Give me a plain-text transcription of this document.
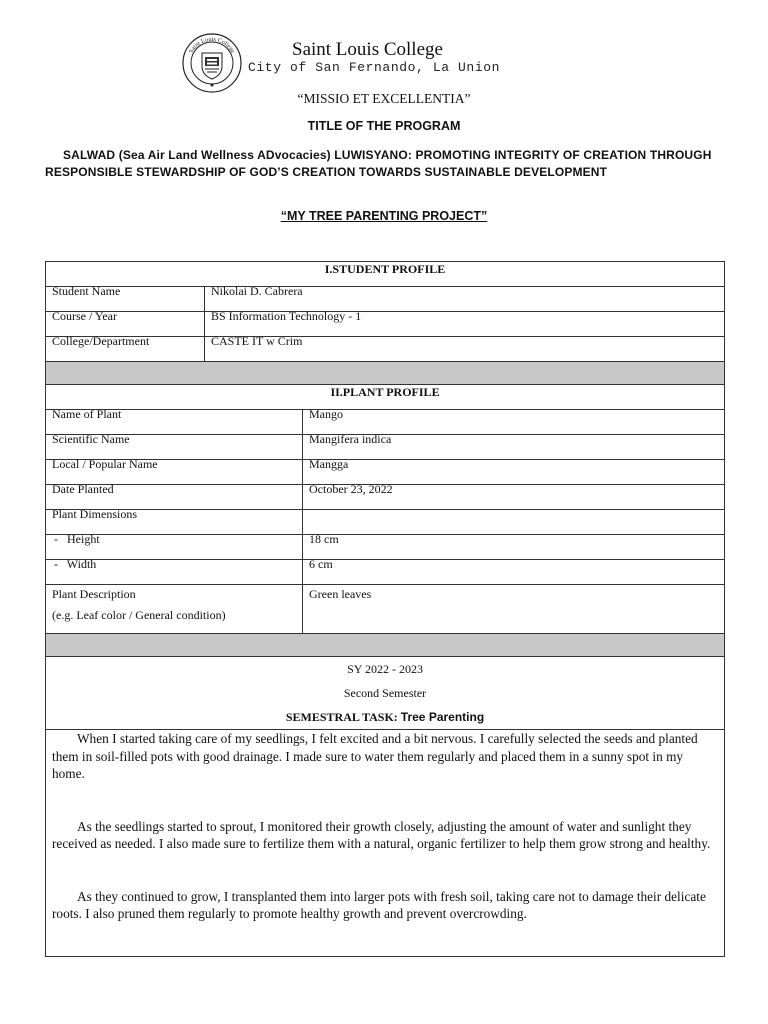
Saint Louis College	Saint Louis College
City of San Fernando, La Union
“MISSIO ET EXCELLENTIA”
TITLE OF THE PROGRAM
SALWAD (Sea Air Land Wellness ADvocacies) LUWISYANO: PROMOTING INTEGRITY OF CREATION THROUGH RESPONSIBLE STEWARDSHIP OF GOD’S CREATION TOWARDS SUSTAINABLE DEVELOPMENT
“MY TREE PARENTING PROJECT”
I.STUDENT PROFILE		
Student Name	Nikolai D. Cabrera	
Course / Year	BS Information Technology - 1	
College/Department	CASTE IT w Crim	

II.PLANT PROFILE		
Name of Plant		Mango
Scientific Name		Mangifera indica
Local / Popular Name		Mangga
Date Planted		October 23, 2022
Plant Dimensions		
-   Height		18 cm
-   Width		6 cm

Plant Description
(e.g. Leaf color / General condition)		Green leaves

SY 2022 - 2023
Second Semester
SEMESTRAL TASK: Tree Parenting		

When I started taking care of my seedlings, I felt excited and a bit nervous. I carefully selected the seeds and planted them in soil-filled pots with good drainage. I made sure to water them regularly and placed them in a sunny spot in my home.

As the seedlings started to sprout, I monitored their growth closely, adjusting the amount of water and sunlight they received as needed. I also made sure to fertilize them with a natural, organic fertilizer to help them grow strong and healthy.

As they continued to grow, I transplanted them into larger pots with fresh soil, taking care not to damage their delicate roots. I also pruned them regularly to promote healthy growth and prevent overcrowding.		
